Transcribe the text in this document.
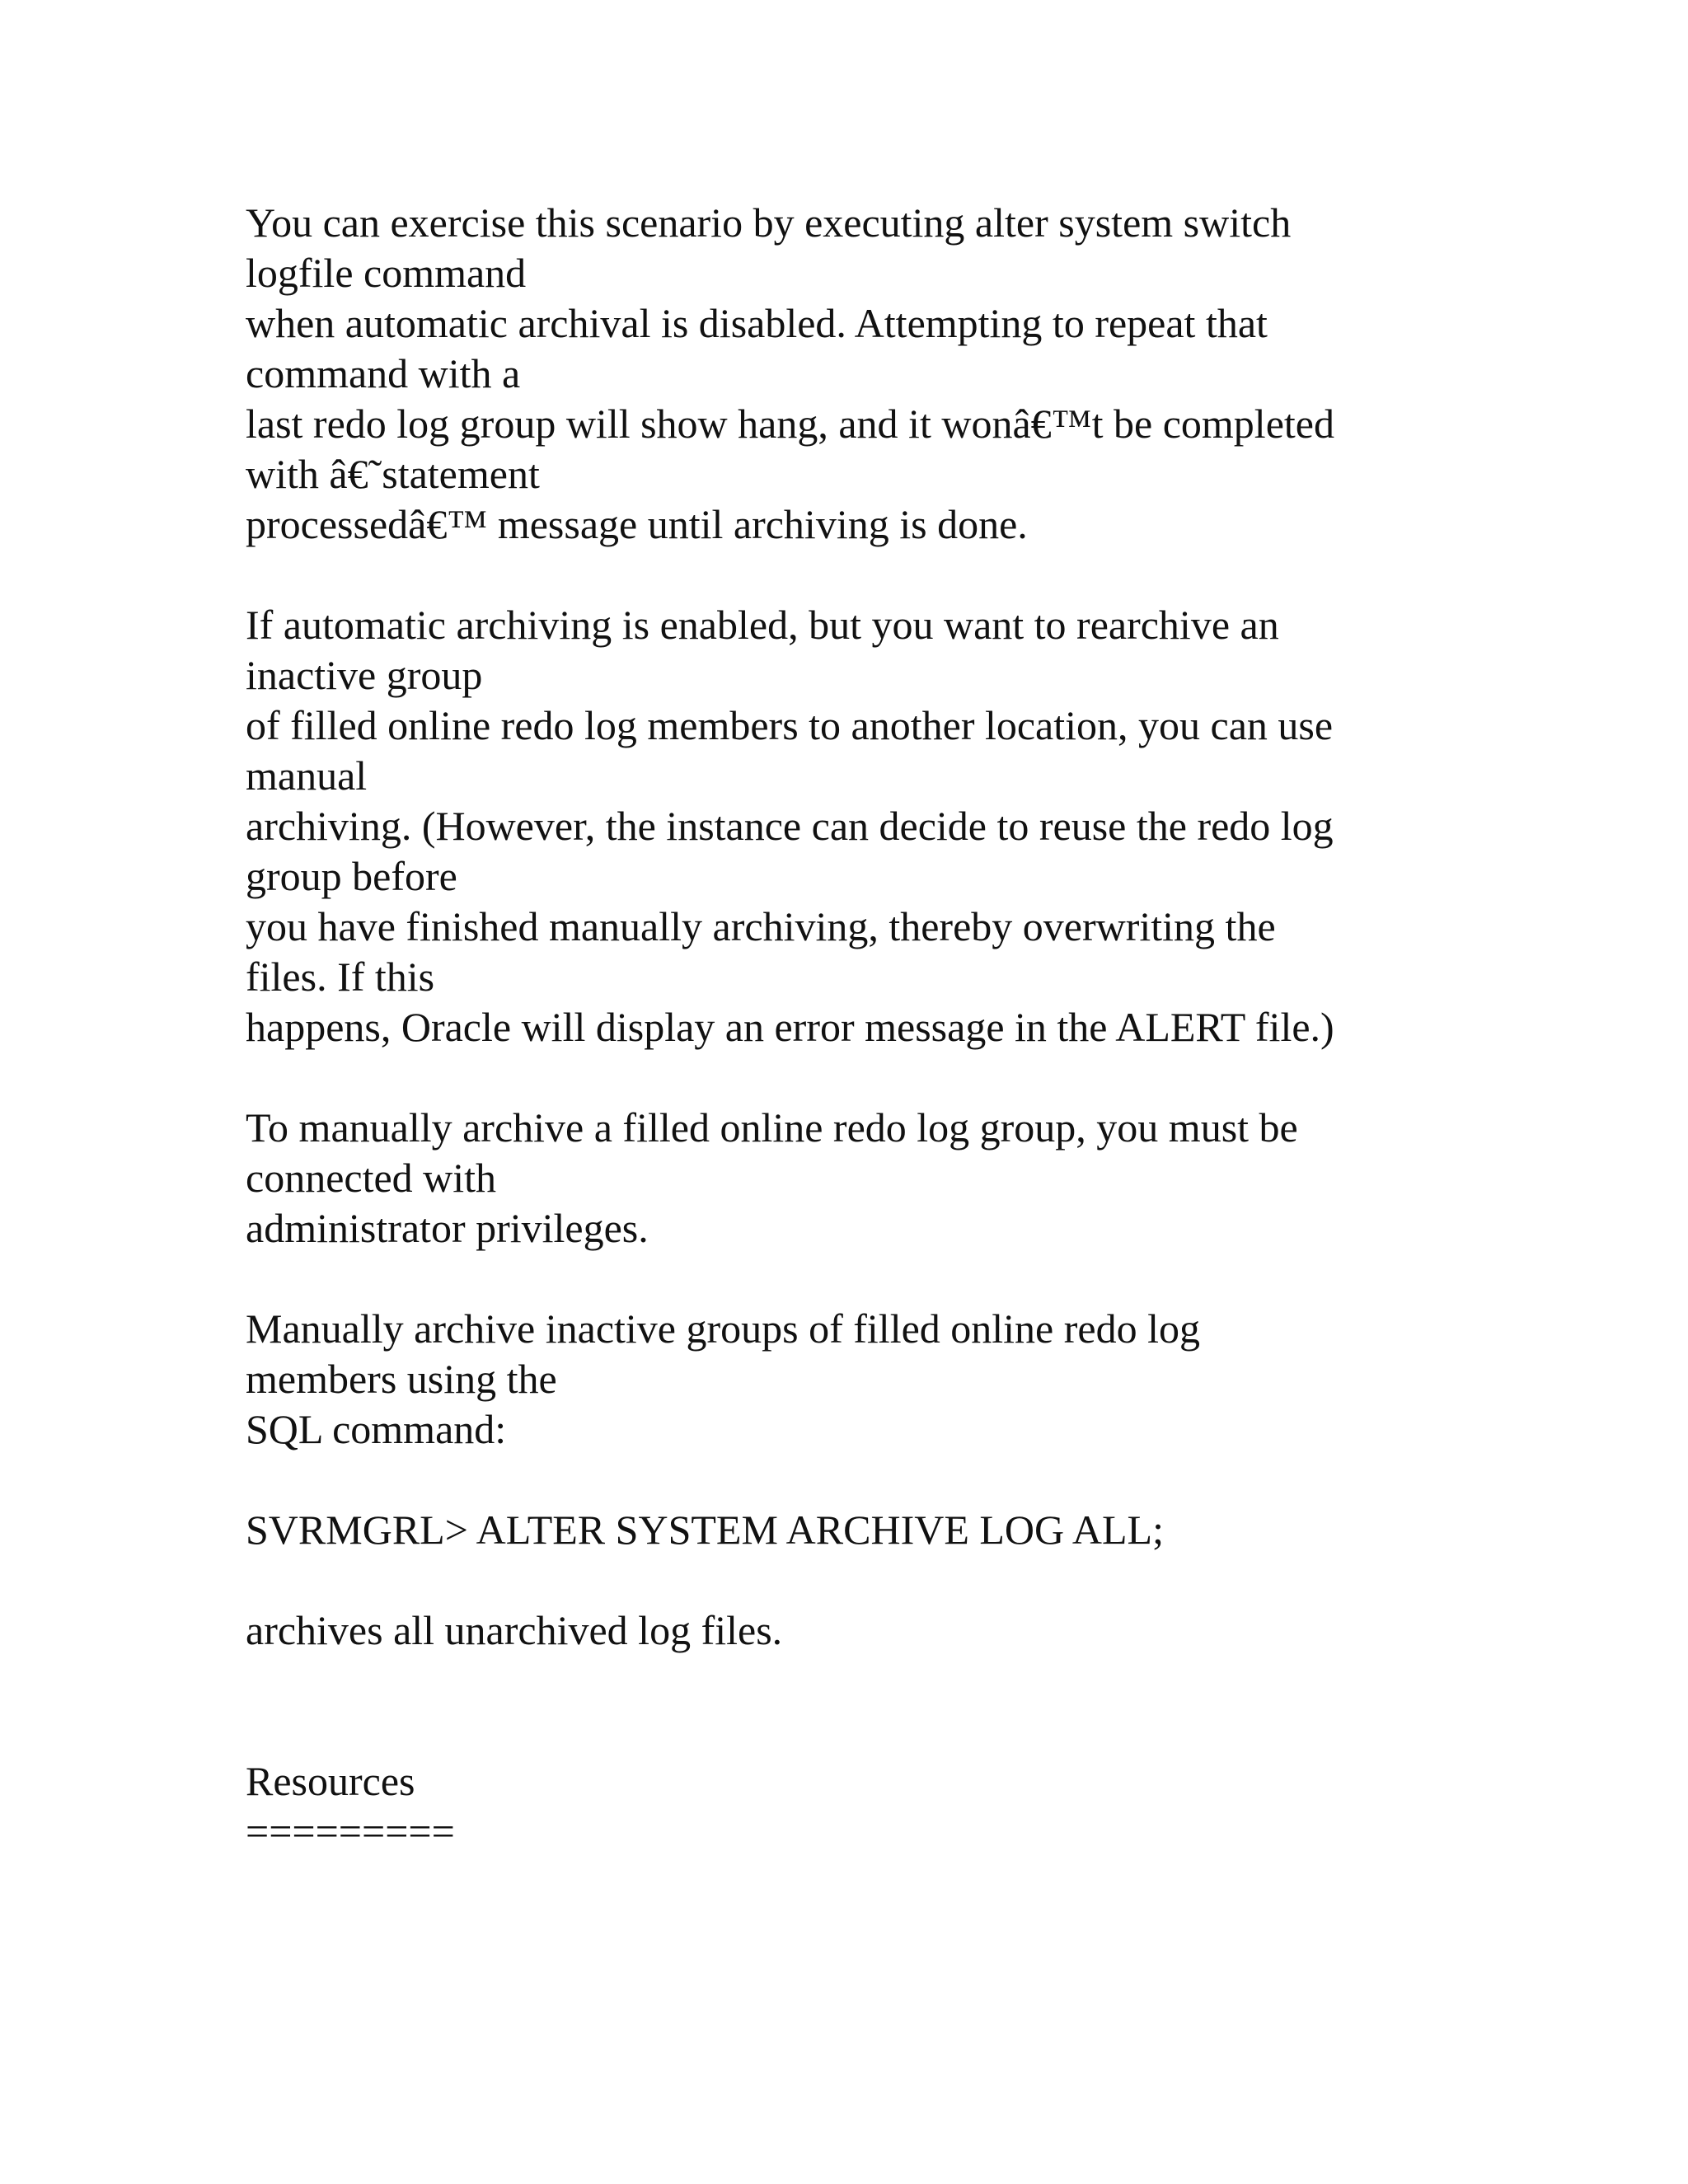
You can exercise this scenario by executing alter system switch
logfile command
when automatic archival is disabled. Attempting to repeat that
command with a
last redo log group will show hang, and it wonâ€™t be completed
with â€˜statement
processedâ€™ message until archiving is done.
If automatic archiving is enabled, but you want to rearchive an
inactive group
of filled online redo log members to another location, you can use
manual
archiving. (However, the instance can decide to reuse the redo log
group before
you have finished manually archiving, thereby overwriting the
files. If this
happens, Oracle will display an error message in the ALERT file.)
To manually archive a filled online redo log group, you must be
connected with
administrator privileges.
Manually archive inactive groups of filled online redo log
members using the
SQL command:
SVRMGRL> ALTER SYSTEM ARCHIVE LOG ALL;
archives all unarchived log files.
Resources
=========
